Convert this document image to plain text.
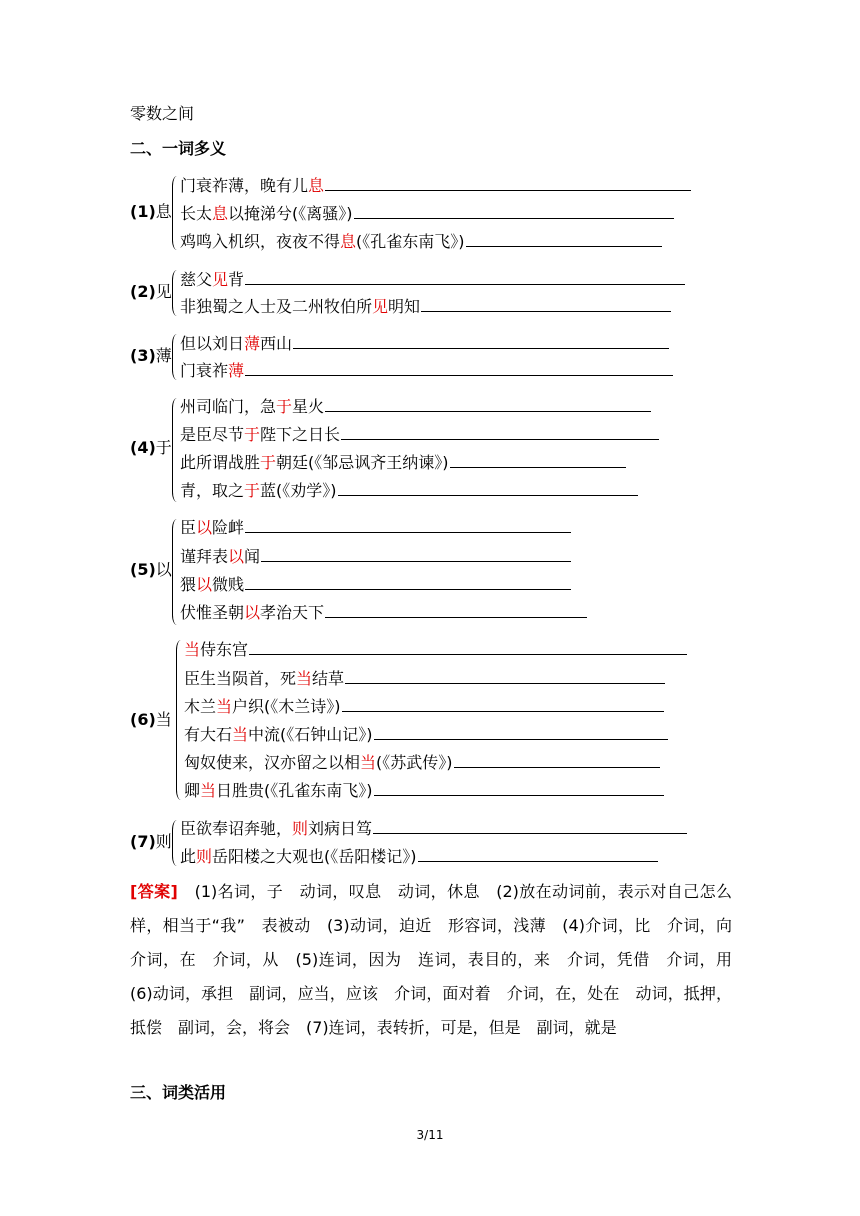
零数之间
二、一词多义
(1)息
门衰祚薄，晚有儿息
长太息以掩涕兮(《离骚》)
鸡鸣入机织，夜夜不得息(《孔雀东南飞》)
(2)见
慈父见背
非独蜀之人士及二州牧伯所见明知
(3)薄
但以刘日薄西山
门衰祚薄
(4)于
州司临门，急于星火
是臣尽节于陛下之日长
此所谓战胜于朝廷(《邹忌讽齐王纳谏》)
青，取之于蓝(《劝学》)
(5)以
臣以险衅
谨拜表以闻
猥以微贱
伏惟圣朝以孝治天下
(6)当
当侍东宫
臣生当陨首，死当结草
木兰当户织(《木兰诗》)
有大石当中流(《石钟山记》)
匈奴使来，汉亦留之以相当(《苏武传》)
卿当日胜贵(《孔雀东南飞》)
(7)则
臣欲奉诏奔驰，则刘病日笃
此则岳阳楼之大观也(《岳阳楼记》)
[答案]　 (1)名词，子　动词，叹息　动词，休息　(2)放在动词前，表示对自己怎么样，相当于“我”　表被动　(3)动词，迫近　形容词，浅薄　(4)介词，比　介词，向　介词，在　介词，从　(5)连词，因为　连词，表目的，来　介词，凭借　介词，用　(6)动词，承担　副词，应当，应该　介词，面对着　介词，在，处在　动词，抵押，抵偿　副词，会，将会　(7)连词，表转折，可是，但是　副词，就是
三、词类活用
3/11
